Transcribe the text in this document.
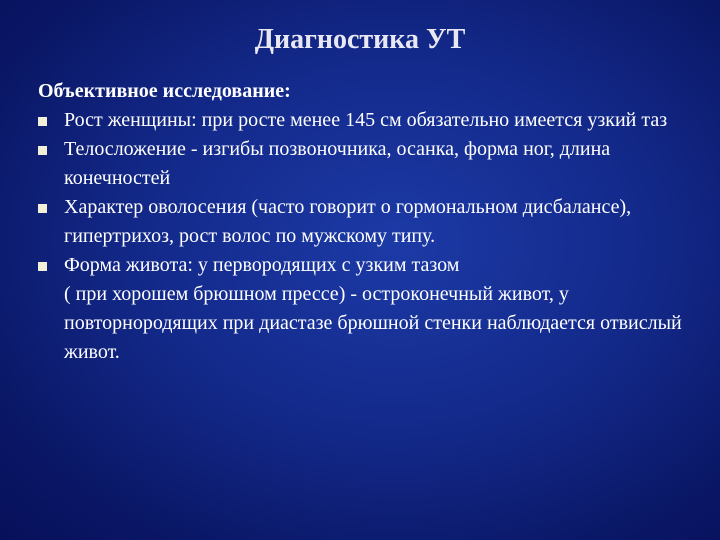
Диагностика УТ

Объективное исследование:

Рост женщины: при росте менее 145 см обязательно имеется узкий таз
Телосложение - изгибы позвоночника, осанка, форма ног, длина конечностей
Характер оволосения (часто говорит о гормональном дисбалансе), гипертрихоз, рост волос по мужскому типу.
Форма живота: у первородящих с узким тазом
( при хорошем брюшном прессе) - остроконечный живот, у повторнородящих при диастазе брюшной стенки наблюдается отвислый живот.
